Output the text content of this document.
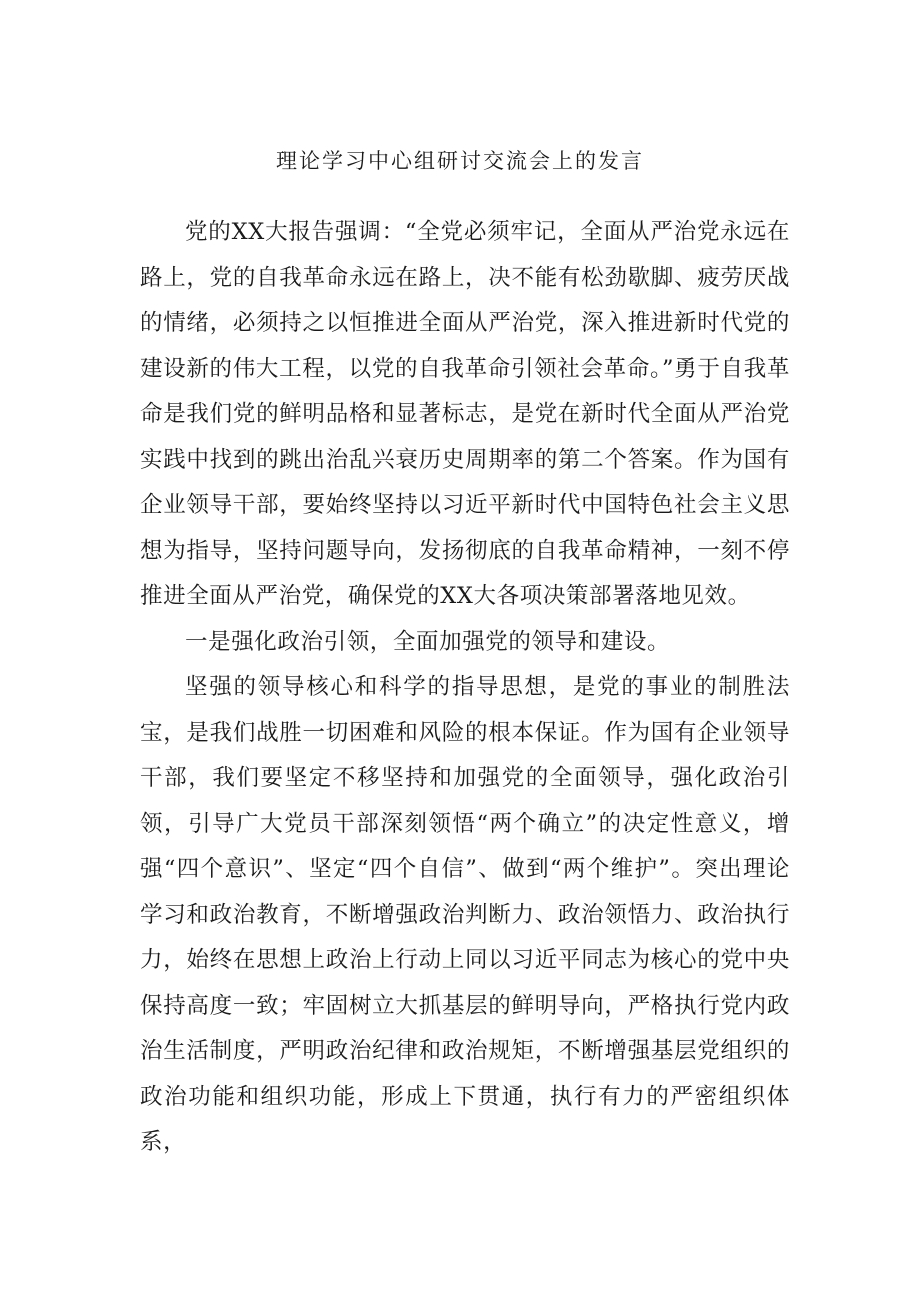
理论学习中心组研讨交流会上的发言

党的XX大报告强调：“全党必须牢记，全面从严治党永远在路上，党的自我革命永远在路上，决不能有松劲歇脚、疲劳厌战的情绪，必须持之以恒推进全面从严治党，深入推进新时代党的建设新的伟大工程，以党的自我革命引领社会革命。”勇于自我革命是我们党的鲜明品格和显著标志，是党在新时代全面从严治党实践中找到的跳出治乱兴衰历史周期率的第二个答案。作为国有企业领导干部，要始终坚持以习近平新时代中国特色社会主义思想为指导，坚持问题导向，发扬彻底的自我革命精神，一刻不停推进全面从严治党，确保党的XX大各项决策部署落地见效。

一是强化政治引领，全面加强党的领导和建设。

坚强的领导核心和科学的指导思想，是党的事业的制胜法宝，是我们战胜一切困难和风险的根本保证。作为国有企业领导干部，我们要坚定不移坚持和加强党的全面领导，强化政治引领，引导广大党员干部深刻领悟“两个确立”的决定性意义，增强“四个意识”、坚定“四个自信”、做到“两个维护”。突出理论学习和政治教育，不断增强政治判断力、政治领悟力、政治执行力，始终在思想上政治上行动上同以习近平同志为核心的党中央保持高度一致；牢固树立大抓基层的鲜明导向，严格执行党内政治生活制度，严明政治纪律和政治规矩，不断增强基层党组织的政治功能和组织功能，形成上下贯通，执行有力的严密组织体系，
